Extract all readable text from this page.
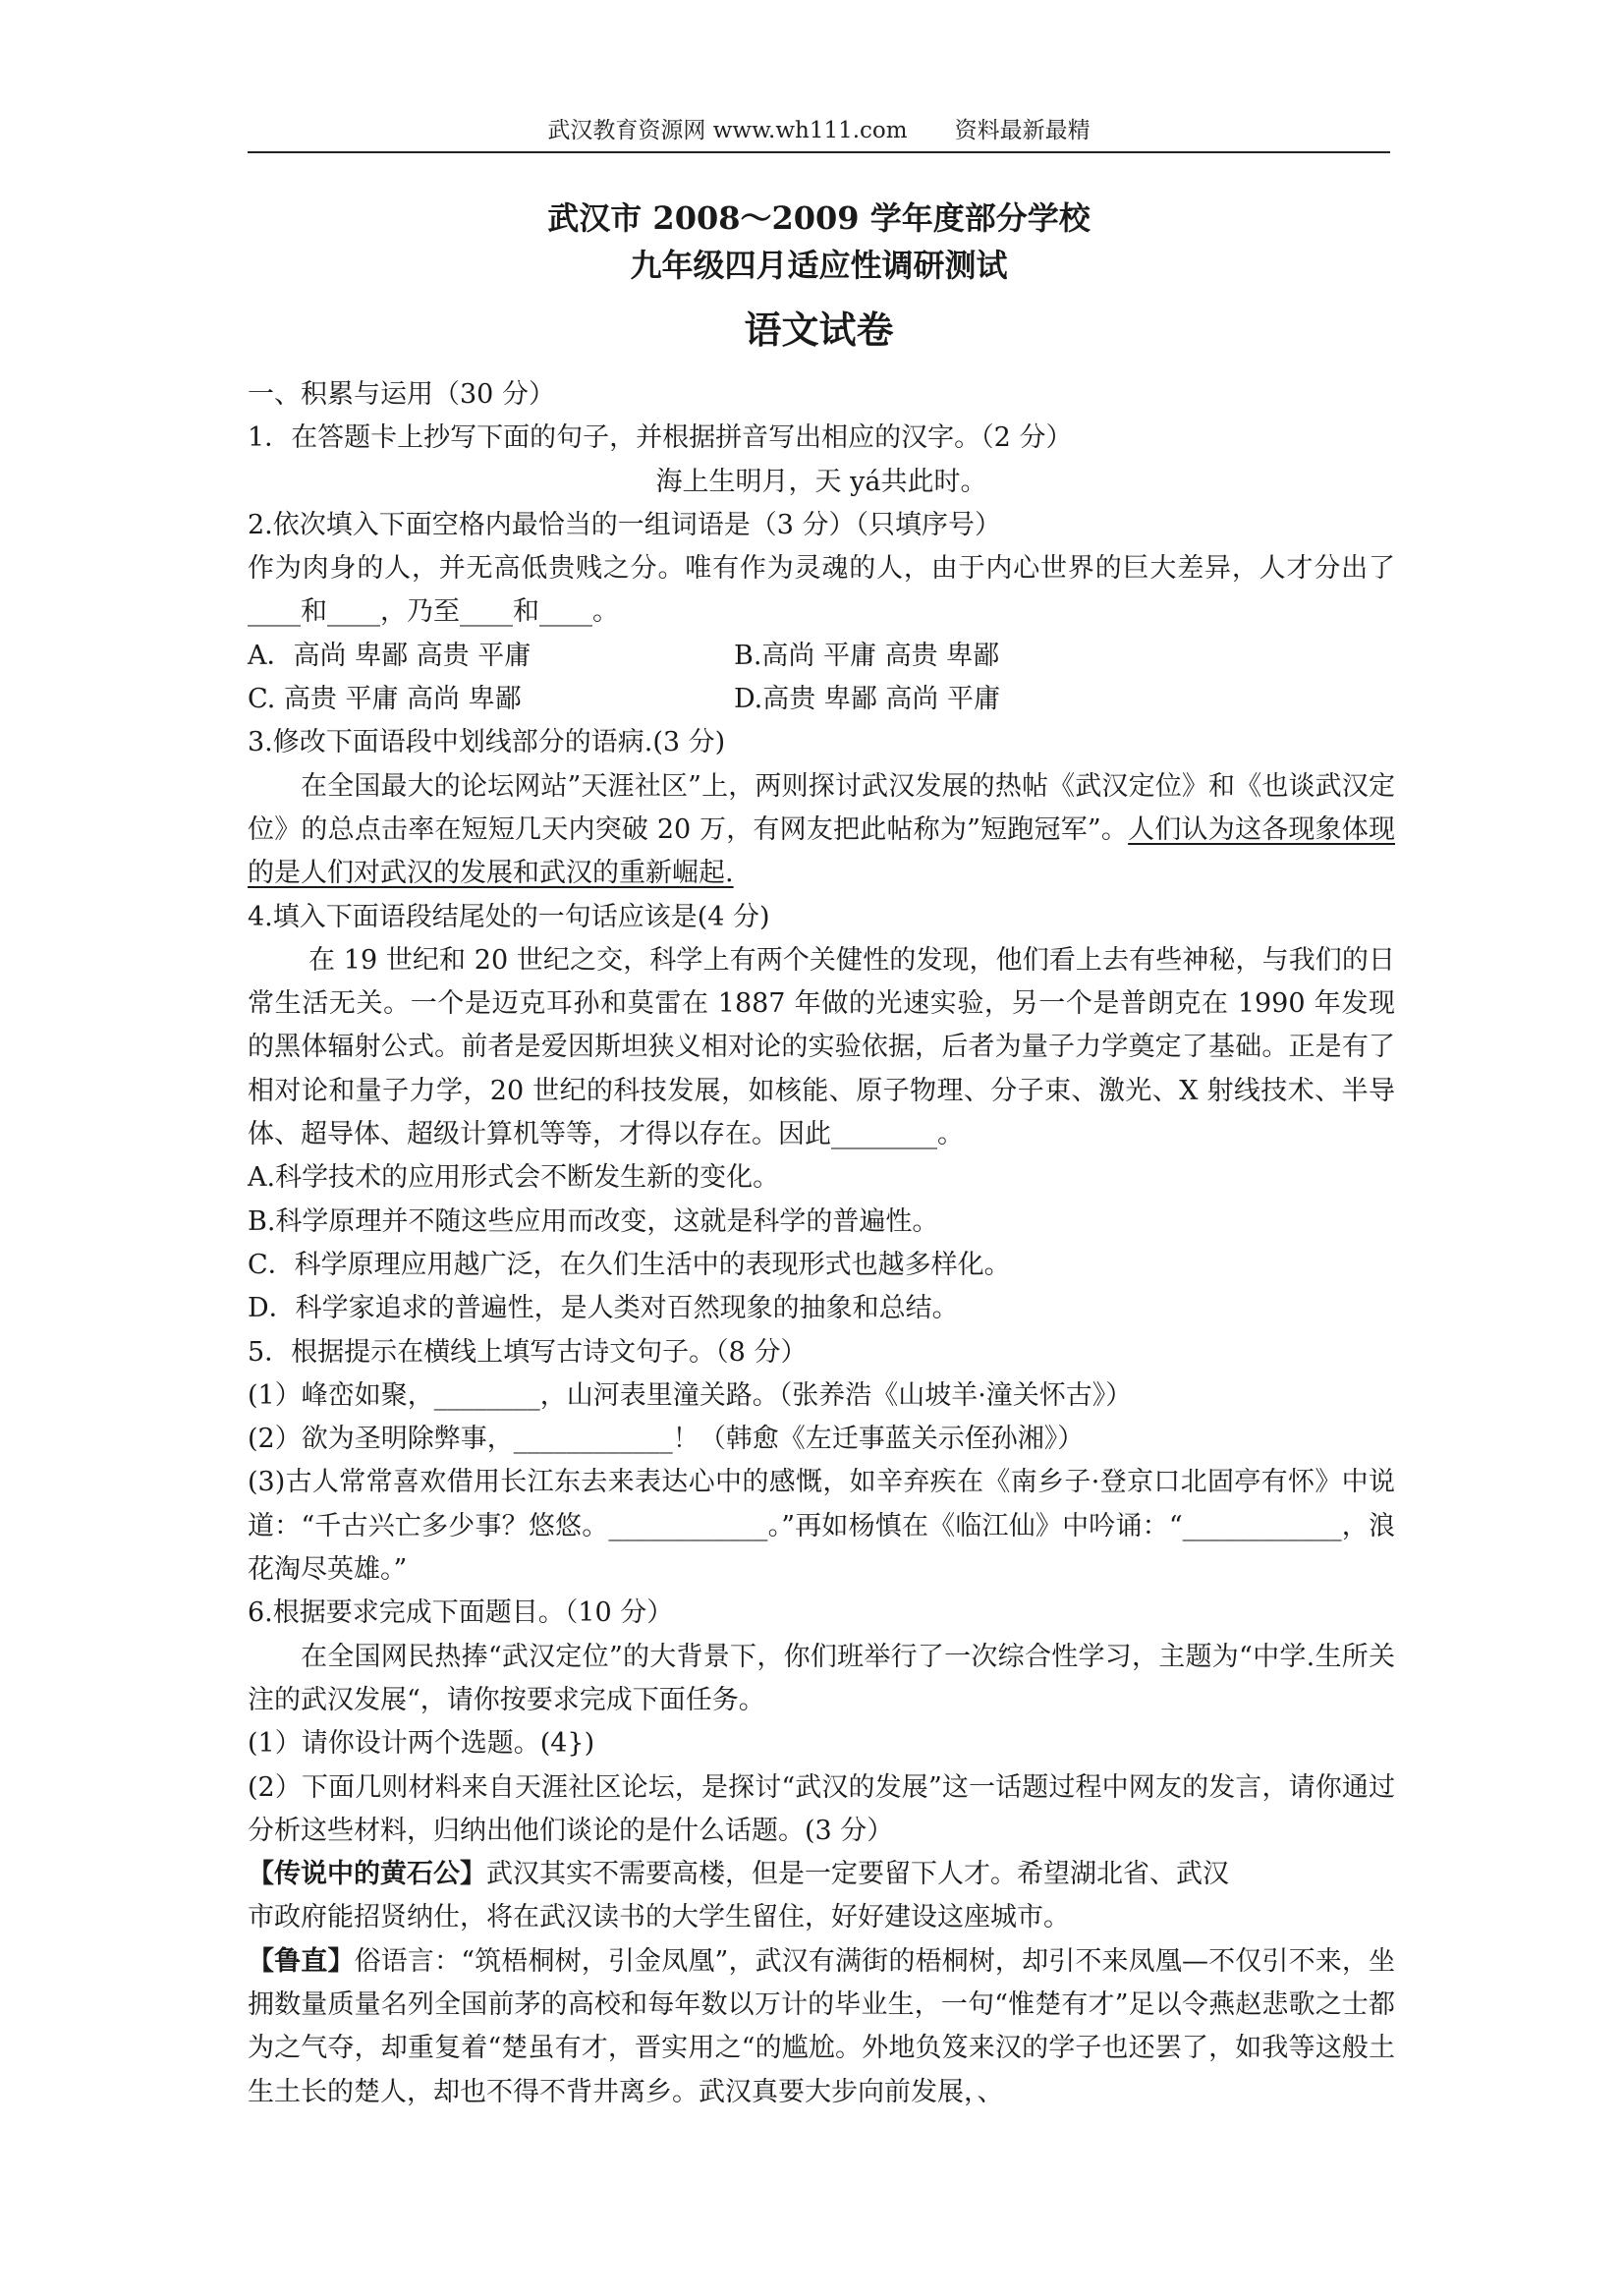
武汉教育资源网 www.wh111.com 资料最新最精
武汉市 2008～2009 学年度部分学校
九年级四月适应性调研测试
语文试卷

一、积累与运用（30 分）

1．在答题卡上抄写下面的句子，并根据拼音写出相应的汉字。（2 分）

海上生明月，天 yá共此时。

2.依次填入下面空格内最恰当的一组词语是（3 分）（只填序号）

作为肉身的人，并无高低贵贱之分。唯有作为灵魂的人，由于内心世界的巨大差异，人才分出了____和____，乃至____和____。

A．高尚 卑鄙 高贵 平庸	B.高尚 平庸 高贵 卑鄙
C. 高贵 平庸 高尚 卑鄙	D.高贵 卑鄙 高尚 平庸

3.修改下面语段中划线部分的语病.(3 分)

在全国最大的论坛网站”天涯社区”上，两则探讨武汉发展的热帖《武汉定位》和《也谈武汉定位》的总点击率在短短几天内突破 20 万，有网友把此帖称为”短跑冠军”。人们认为这各现象体现的是人们对武汉的发展和武汉的重新崛起.

4.填入下面语段结尾处的一句话应该是(4 分)

在 19 世纪和 20 世纪之交，科学上有两个关健性的发现，他们看上去有些神秘，与我们的日常生活无关。一个是迈克耳孙和莫雷在 1887 年做的光速实验，另一个是普朗克在 1990 年发现的黑体辐射公式。前者是爱因斯坦狭义相对论的实验依据，后者为量子力学奠定了基础。正是有了相对论和量子力学，20 世纪的科技发展，如核能、原子物理、分子束、激光、X 射线技术、半导体、超导体、超级计算机等等，才得以存在。因此________。

A.科学技术的应用形式会不断发生新的变化。

B.科学原理并不随这些应用而改变，这就是科学的普遍性。

C．科学原理应用越广泛，在久们生活中的表现形式也越多样化。

D．科学家追求的普遍性，是人类对百然现象的抽象和总结。

5．根据提示在横线上填写古诗文句子。（8 分）

(1）峰峦如聚，________，山河表里潼关路。（张养浩《山坡羊·潼关怀古》）

(2）欲为圣明除弊事，____________！（韩愈《左迁事蓝关示侄孙湘》）

(3)古人常常喜欢借用长江东去来表达心中的感慨，如辛弃疾在《南乡子·登京口北固亭有怀》中说道：“千古兴亡多少事？悠悠。____________。”再如杨慎在《临江仙》中吟诵：“____________，浪花淘尽英雄。”

6.根据要求完成下面题目。（10 分）

在全国网民热捧“武汉定位”的大背景下，你们班举行了一次综合性学习，主题为“中学.生所关注的武汉发展“，请你按要求完成下面任务。

(1）请你设计两个选题。(4})

(2）下面几则材料来自天涯社区论坛，是探讨“武汉的发展”这一话题过程中网友的发言，请你通过分析这些材料，归纳出他们谈论的是什么话题。(3 分）

【传说中的黄石公】武汉其实不需要高楼，但是一定要留下人才。希望湖北省、武汉

市政府能招贤纳仕，将在武汉读书的大学生留住，好好建设这座城市。

【鲁直】俗语言：“筑梧桐树，引金凤凰”，武汉有满街的梧桐树，却引不来凤凰—不仅引不来，坐拥数量质量名列全国前茅的高校和每年数以万计的毕业生，一句“惟楚有才”足以令燕赵悲歌之士都为之气夺，却重复着“楚虽有才，晋实用之“的尴尬。外地负笈来汉的学子也还罢了，如我等这般土生土长的楚人，却也不得不背井离乡。武汉真要大步向前发展，、
